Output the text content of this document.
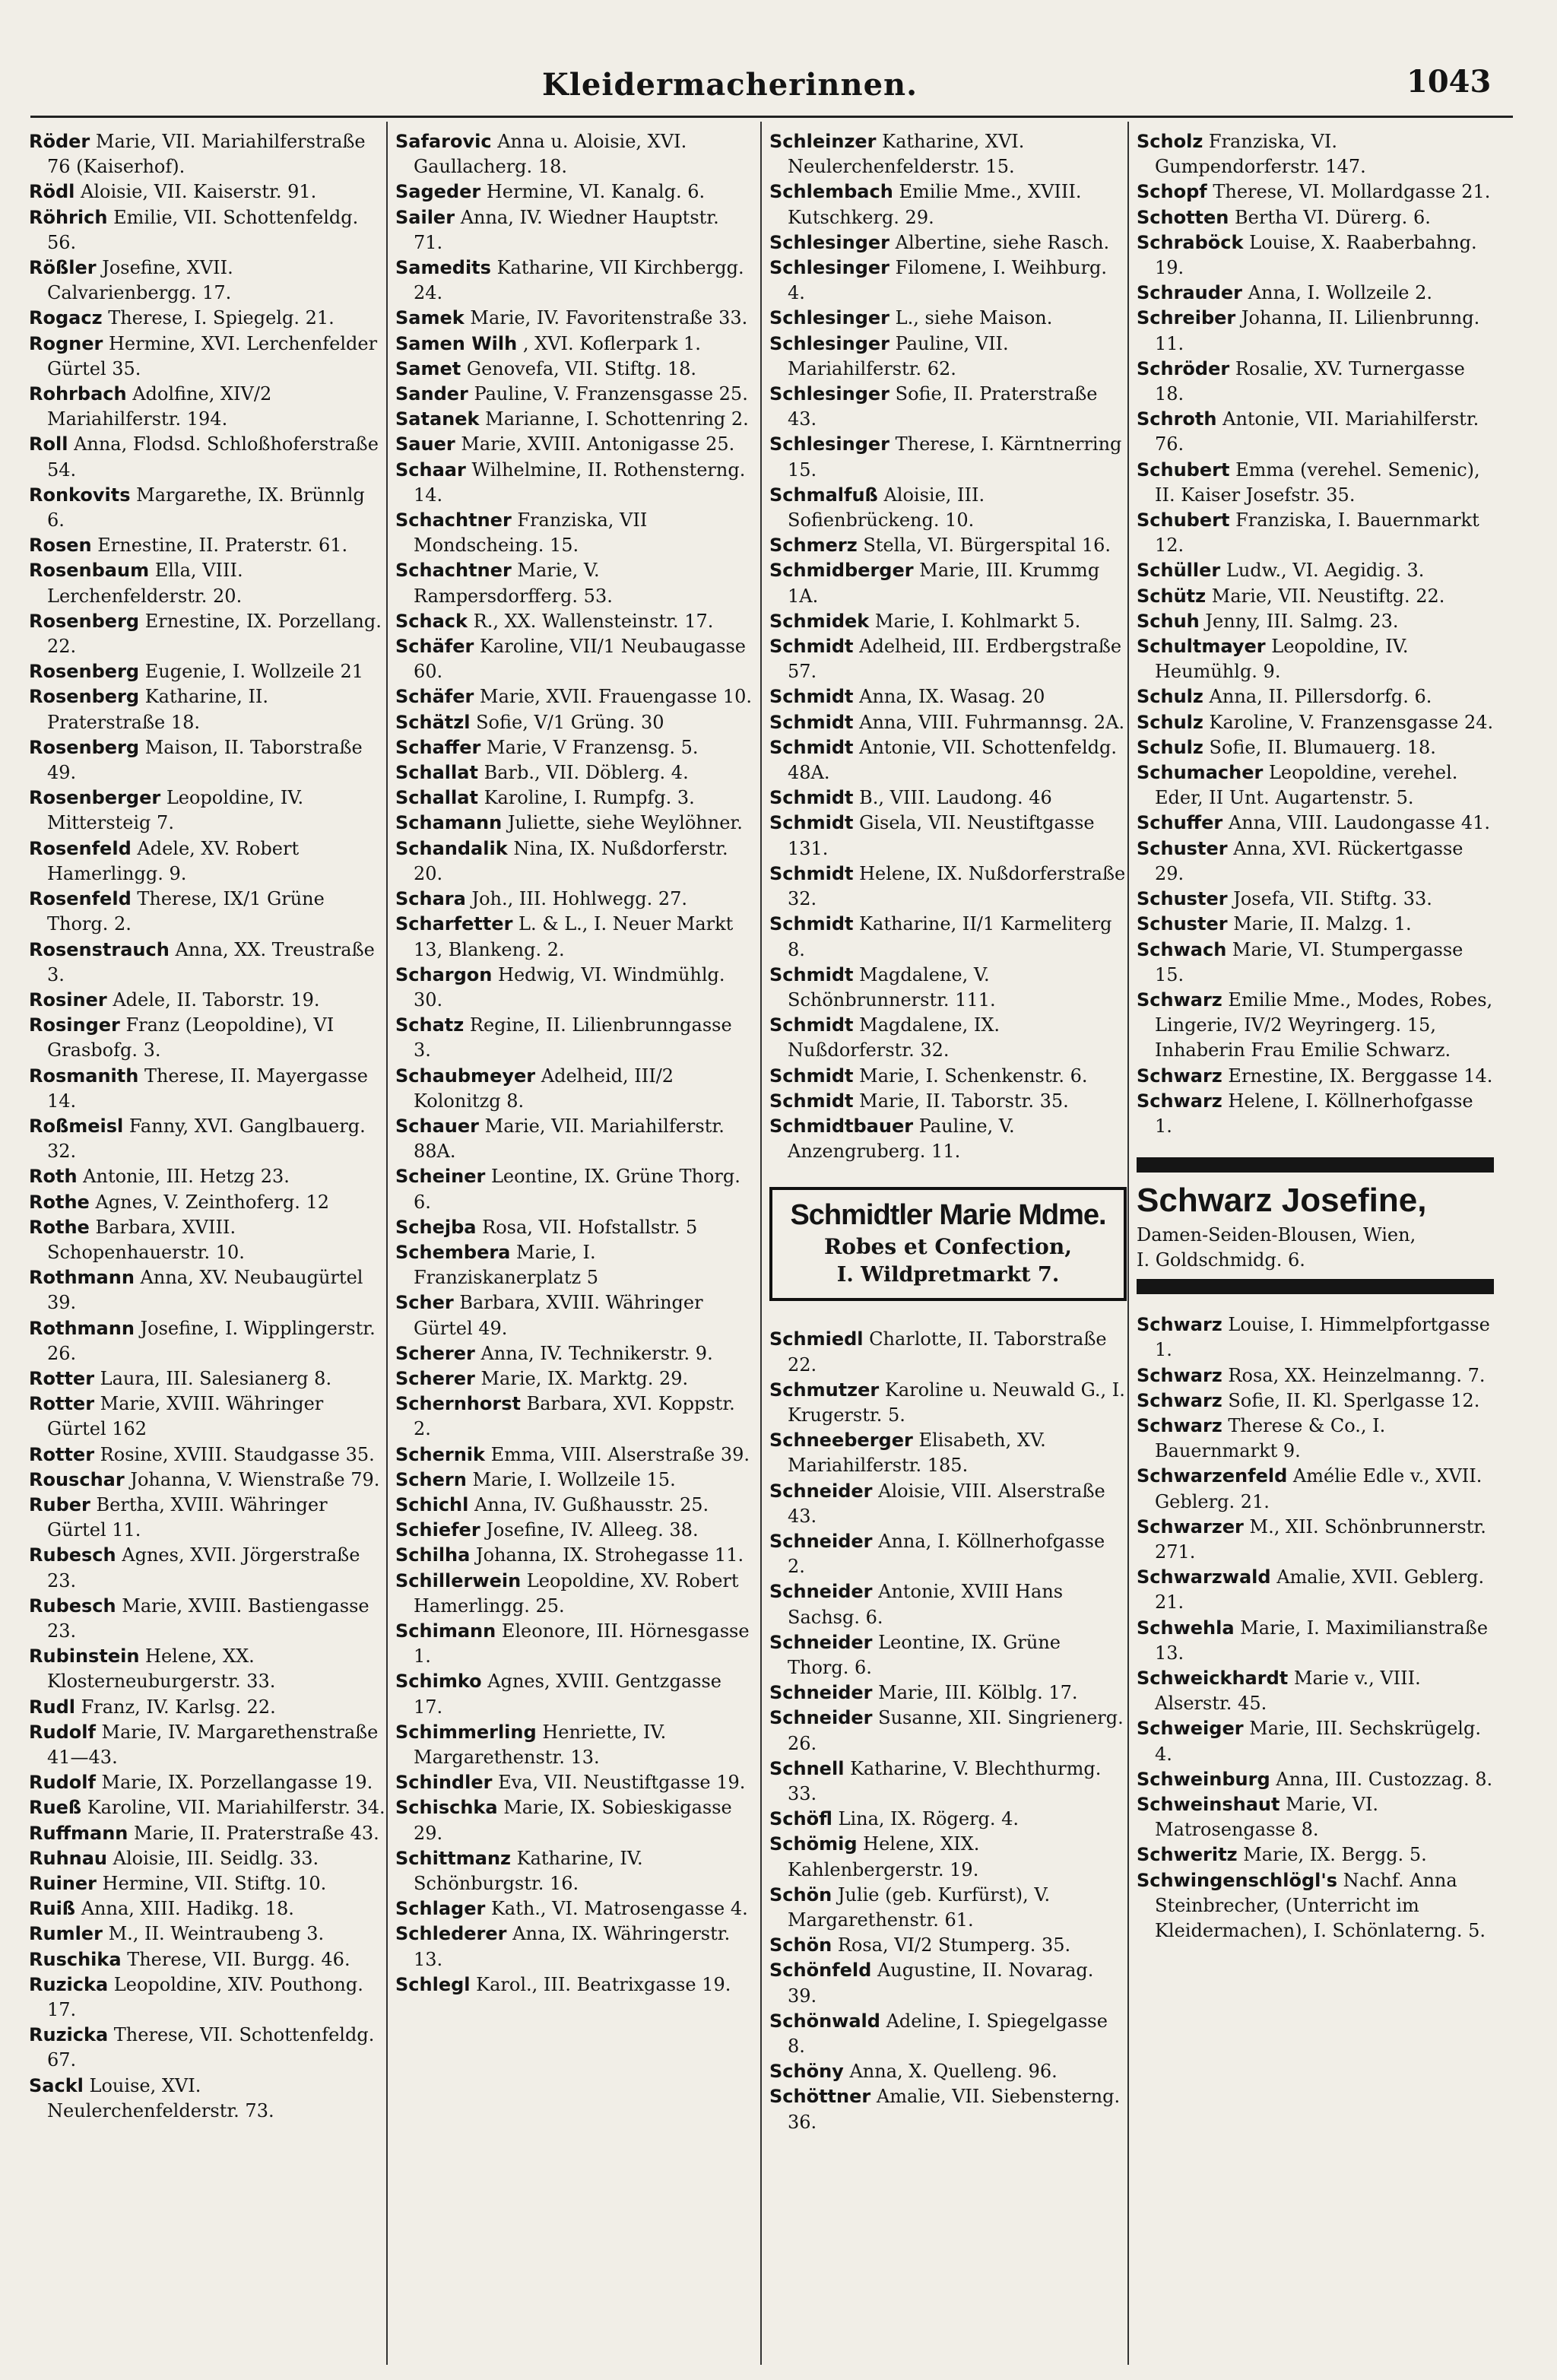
Kleidermacherinnen.	1043
Röder Marie, VII. Mariahilferstraße 76 (Kaiserhof).
Rödl Aloisie, VII. Kaiserstr. 91.
Röhrich Emilie, VII. Schottenfeldg. 56.
Rößler Josefine, XVII. Calvarienbergg. 17.
Rogacz Therese, I. Spiegelg. 21.
Rogner Hermine, XVI. Lerchenfelder Gürtel 35.
Rohrbach Adolfine, XIV/2 Mariahilferstr. 194.
Roll Anna, Flodsd. Schloßhoferstraße 54.
Ronkovits Margarethe, IX. Brünnlg 6.
Rosen Ernestine, II. Praterstr. 61.
Rosenbaum Ella, VIII. Lerchenfelderstr. 20.
Rosenberg Ernestine, IX. Porzellang. 22.
Rosenberg Eugenie, I. Wollzeile 21
Rosenberg Katharine, II. Praterstraße 18.
Rosenberg Maison, II. Taborstraße 49.
Rosenberger Leopoldine, IV. Mittersteig 7.
Rosenfeld Adele, XV. Robert Hamerlingg. 9.
Rosenfeld Therese, IX/1 Grüne Thorg. 2.
Rosenstrauch Anna, XX. Treustraße 3.
Rosiner Adele, II. Taborstr. 19.
Rosinger Franz (Leopoldine), VI Grasbofg. 3.
Rosmanith Therese, II. Mayergasse 14.
Roßmeisl Fanny, XVI. Ganglbauerg. 32.
Roth Antonie, III. Hetzg 23.
Rothe Agnes, V. Zeinthoferg. 12
Rothe Barbara, XVIII. Schopenhauerstr. 10.
Rothmann Anna, XV. Neubaugürtel 39.
Rothmann Josefine, I. Wipplingerstr. 26.
Rotter Laura, III. Salesianerg 8.
Rotter Marie, XVIII. Währinger Gürtel 162
Rotter Rosine, XVIII. Staudgasse 35.
Rouschar Johanna, V. Wienstraße 79.
Ruber Bertha, XVIII. Währinger Gürtel 11.
Rubesch Agnes, XVII. Jörgerstraße 23.
Rubesch Marie, XVIII. Bastiengasse 23.
Rubinstein Helene, XX. Klosterneuburgerstr. 33.
Rudl Franz, IV. Karlsg. 22.
Rudolf Marie, IV. Margarethenstraße 41—43.
Rudolf Marie, IX. Porzellangasse 19.
Rueß Karoline, VII. Mariahilferstr. 34.
Ruffmann Marie, II. Praterstraße 43.
Ruhnau Aloisie, III. Seidlg. 33.
Ruiner Hermine, VII. Stiftg. 10.
Ruiß Anna, XIII. Hadikg. 18.
Rumler M., II. Weintraubeng 3.
Ruschika Therese, VII. Burgg. 46.
Ruzicka Leopoldine, XIV. Pouthong. 17.
Ruzicka Therese, VII. Schottenfeldg. 67.
Sackl Louise, XVI. Neulerchenfelderstr. 73.
Safarovic Anna u. Aloisie, XVI. Gaullacherg. 18.
Sageder Hermine, VI. Kanalg. 6.
Sailer Anna, IV. Wiedner Hauptstr. 71.
Samedits Katharine, VII Kirchbergg. 24.
Samek Marie, IV. Favoritenstraße 33.
Samen Wilh , XVI. Koflerpark 1.
Samet Genovefa, VII. Stiftg. 18.
Sander Pauline, V. Franzensgasse 25.
Satanek Marianne, I. Schottenring 2.
Sauer Marie, XVIII. Antonigasse 25.
Schaar Wilhelmine, II. Rothensterng. 14.
Schachtner Franziska, VII Mondscheing. 15.
Schachtner Marie, V. Rampersdorfferg. 53.
Schack R., XX. Wallensteinstr. 17.
Schäfer Karoline, VII/1 Neubaugasse 60.
Schäfer Marie, XVII. Frauengasse 10.
Schätzl Sofie, V/1 Grüng. 30
Schaffer Marie, V Franzensg. 5.
Schallat Barb., VII. Döblerg. 4.
Schallat Karoline, I. Rumpfg. 3.
Schamann Juliette, siehe Weylöhner.
Schandalik Nina, IX. Nußdorferstr. 20.
Schara Joh., III. Hohlwegg. 27.
Scharfetter L. & L., I. Neuer Markt 13, Blankeng. 2.
Schargon Hedwig, VI. Windmühlg. 30.
Schatz Regine, II. Lilienbrunngasse 3.
Schaubmeyer Adelheid, III/2 Kolonitzg 8.
Schauer Marie, VII. Mariahilferstr. 88A.
Scheiner Leontine, IX. Grüne Thorg. 6.
Schejba Rosa, VII. Hofstallstr. 5
Schembera Marie, I. Franziskanerplatz 5
Scher Barbara, XVIII. Währinger Gürtel 49.
Scherer Anna, IV. Technikerstr. 9.
Scherer Marie, IX. Marktg. 29.
Schernhorst Barbara, XVI. Koppstr. 2.
Schernik Emma, VIII. Alserstraße 39.
Schern Marie, I. Wollzeile 15.
Schichl Anna, IV. Gußhausstr. 25.
Schiefer Josefine, IV. Alleeg. 38.
Schilha Johanna, IX. Strohegasse 11.
Schillerwein Leopoldine, XV. Robert Hamerlingg. 25.
Schimann Eleonore, III. Hörnesgasse 1.
Schimko Agnes, XVIII. Gentzgasse 17.
Schimmerling Henriette, IV. Margarethenstr. 13.
Schindler Eva, VII. Neustiftgasse 19.
Schischka Marie, IX. Sobieskigasse 29.
Schittmanz Katharine, IV. Schönburgstr. 16.
Schlager Kath., VI. Matrosengasse 4.
Schlederer Anna, IX. Währingerstr. 13.
Schlegl Karol., III. Beatrixgasse 19.
Schleinzer Katharine, XVI. Neulerchenfelderstr. 15.
Schlembach Emilie Mme., XVIII. Kutschkerg. 29.
Schlesinger Albertine, siehe Rasch.
Schlesinger Filomene, I. Weihburg. 4.
Schlesinger L., siehe Maison.
Schlesinger Pauline, VII. Mariahilferstr. 62.
Schlesinger Sofie, II. Praterstraße 43.
Schlesinger Therese, I. Kärntnerring 15.
Schmalfuß Aloisie, III. Sofienbrückeng. 10.
Schmerz Stella, VI. Bürgerspital 16.
Schmidberger Marie, III. Krummg 1A.
Schmidek Marie, I. Kohlmarkt 5.
Schmidt Adelheid, III. Erdbergstraße 57.
Schmidt Anna, IX. Wasag. 20
Schmidt Anna, VIII. Fuhrmannsg. 2A.
Schmidt Antonie, VII. Schottenfeldg. 48A.
Schmidt B., VIII. Laudong. 46
Schmidt Gisela, VII. Neustiftgasse 131.
Schmidt Helene, IX. Nußdorferstraße 32.
Schmidt Katharine, II/1 Karmeliterg 8.
Schmidt Magdalene, V. Schönbrunnerstr. 111.
Schmidt Magdalene, IX. Nußdorferstr. 32.
Schmidt Marie, I. Schenkenstr. 6.
Schmidt Marie, II. Taborstr. 35.
Schmidtbauer Pauline, V. Anzengruberg. 11.
Schmidtler Marie Mdme.
Robes et Confection,
I. Wildpretmarkt 7.
Schmiedl Charlotte, II. Taborstraße 22.
Schmutzer Karoline u. Neuwald G., I. Krugerstr. 5.
Schneeberger Elisabeth, XV. Mariahilferstr. 185.
Schneider Aloisie, VIII. Alserstraße 43.
Schneider Anna, I. Köllnerhofgasse 2.
Schneider Antonie, XVIII Hans Sachsg. 6.
Schneider Leontine, IX. Grüne Thorg. 6.
Schneider Marie, III. Kölblg. 17.
Schneider Susanne, XII. Singrienerg. 26.
Schnell Katharine, V. Blechthurmg. 33.
Schöfl Lina, IX. Rögerg. 4.
Schömig Helene, XIX. Kahlenbergerstr. 19.
Schön Julie (geb. Kurfürst), V. Margarethenstr. 61.
Schön Rosa, VI/2 Stumperg. 35.
Schönfeld Augustine, II. Novarag. 39.
Schönwald Adeline, I. Spiegelgasse 8.
Schöny Anna, X. Quelleng. 96.
Schöttner Amalie, VII. Siebensterng. 36.
Scholz Franziska, VI. Gumpendorferstr. 147.
Schopf Therese, VI. Mollardgasse 21.
Schotten Bertha VI. Dürerg. 6.
Schraböck Louise, X. Raaberbahng. 19.
Schrauder Anna, I. Wollzeile 2.
Schreiber Johanna, II. Lilienbrunng. 11.
Schröder Rosalie, XV. Turnergasse 18.
Schroth Antonie, VII. Mariahilferstr. 76.
Schubert Emma (verehel. Semenic), II. Kaiser Josefstr. 35.
Schubert Franziska, I. Bauernmarkt 12.
Schüller Ludw., VI. Aegidig. 3.
Schütz Marie, VII. Neustiftg. 22.
Schuh Jenny, III. Salmg. 23.
Schultmayer Leopoldine, IV. Heumühlg. 9.
Schulz Anna, II. Pillersdorfg. 6.
Schulz Karoline, V. Franzensgasse 24.
Schulz Sofie, II. Blumauerg. 18.
Schumacher Leopoldine, verehel. Eder, II Unt. Augartenstr. 5.
Schuffer Anna, VIII. Laudongasse 41.
Schuster Anna, XVI. Rückertgasse 29.
Schuster Josefa, VII. Stiftg. 33.
Schuster Marie, II. Malzg. 1.
Schwach Marie, VI. Stumpergasse 15.
Schwarz Emilie Mme., Modes, Robes, Lingerie, IV/2 Weyringerg. 15, Inhaberin Frau Emilie Schwarz.
Schwarz Ernestine, IX. Berggasse 14.
Schwarz Helene, I. Köllnerhofgasse 1.
Schwarz Josefine,
Damen-Seiden-Blousen, Wien,
I. Goldschmidg. 6.
Schwarz Louise, I. Himmelpfortgasse 1.
Schwarz Rosa, XX. Heinzelmanng. 7.
Schwarz Sofie, II. Kl. Sperlgasse 12.
Schwarz Therese & Co., I. Bauernmarkt 9.
Schwarzenfeld Amélie Edle v., XVII. Geblerg. 21.
Schwarzer M., XII. Schönbrunnerstr. 271.
Schwarzwald Amalie, XVII. Geblerg. 21.
Schwehla Marie, I. Maximilianstraße 13.
Schweickhardt Marie v., VIII. Alserstr. 45.
Schweiger Marie, III. Sechskrügelg. 4.
Schweinburg Anna, III. Custozzag. 8.
Schweinshaut Marie, VI. Matrosengasse 8.
Schweritz Marie, IX. Bergg. 5.
Schwingenschlögl's Nachf. Anna Steinbrecher, (Unterricht im Kleidermachen), I. Schönlaterng. 5.
